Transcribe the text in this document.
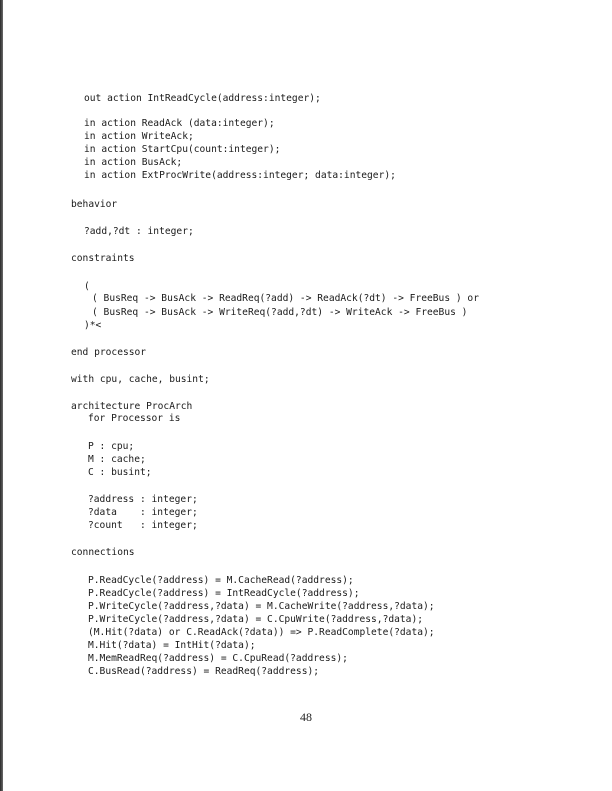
out action IntReadCycle(address:integer);
in action ReadAck (data:integer);
in action WriteAck;
in action StartCpu(count:integer);
in action BusAck;
in action ExtProcWrite(address:integer; data:integer);
behavior
?add,?dt : integer;
constraints
(
( BusReq -> BusAck -> ReadReq(?add) -> ReadAck(?dt) -> FreeBus ) or
( BusReq -> BusAck -> WriteReq(?add,?dt) -> WriteAck -> FreeBus )
)*<
end processor
with cpu, cache, busint;
architecture ProcArch
for Processor is
P : cpu;
M : cache;
C : busint;
?address : integer;
?data    : integer;
?count   : integer;
connections
P.ReadCycle(?address) = M.CacheRead(?address);
P.ReadCycle(?address) = IntReadCycle(?address);
P.WriteCycle(?address,?data) = M.CacheWrite(?address,?data);
P.WriteCycle(?address,?data) = C.CpuWrite(?address,?data);
(M.Hit(?data) or C.ReadAck(?data)) => P.ReadComplete(?data);
M.Hit(?data) = IntHit(?data);
M.MemReadReq(?address) = C.CpuRead(?address);
C.BusRead(?address) = ReadReq(?address);
48
